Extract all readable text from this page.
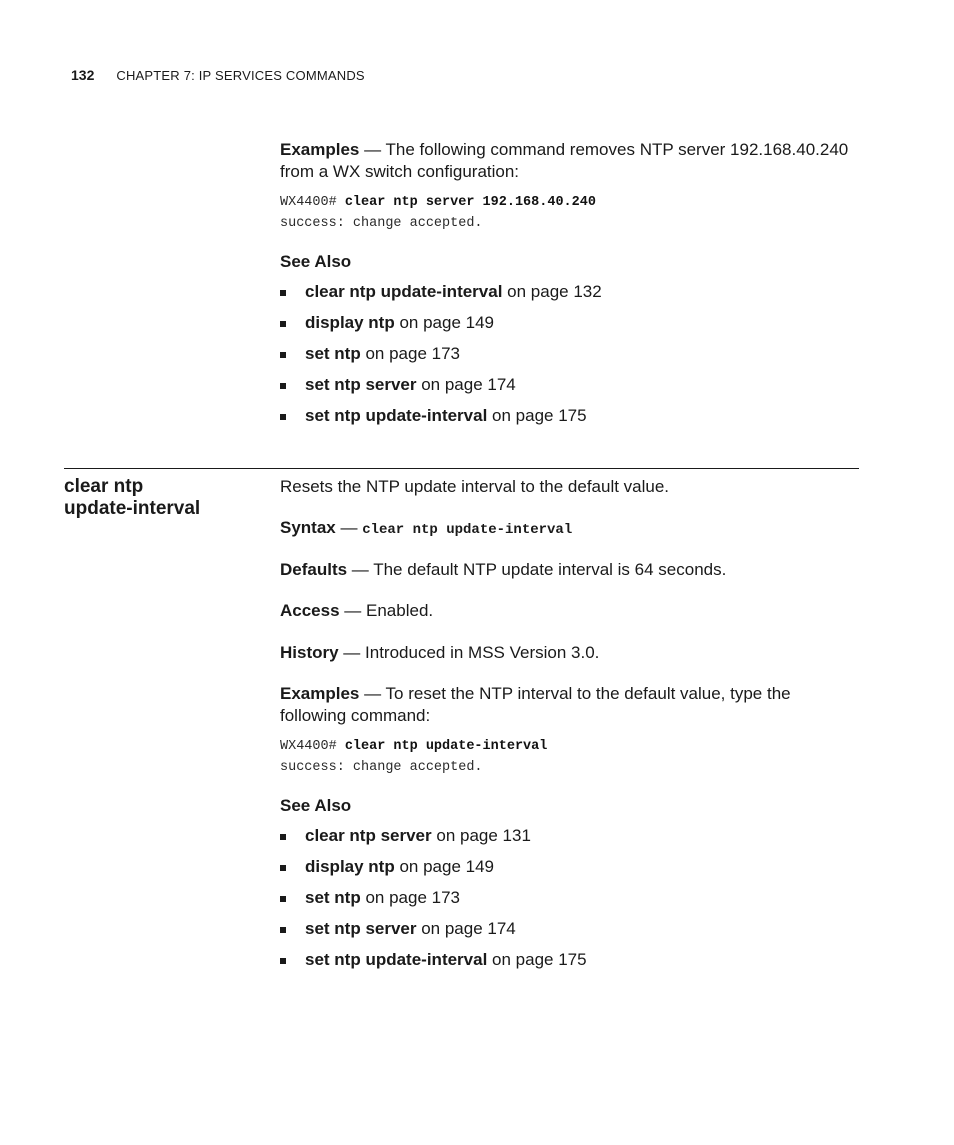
132 CHAPTER 7: IP SERVICES COMMANDS

Examples — The following command removes NTP server 192.168.40.240 from a WX switch configuration:

WX4400# clear ntp server 192.168.40.240
success: change accepted.

See Also

clear ntp update-interval on page 132
display ntp on page 149
set ntp on page 173
set ntp server on page 174
set ntp update-interval on page 175
clear ntp
update-interval

Resets the NTP update interval to the default value.

Syntax — clear ntp update-interval

Defaults — The default NTP update interval is 64 seconds.

Access — Enabled.

History — Introduced in MSS Version 3.0.

Examples — To reset the NTP interval to the default value, type the following command:

WX4400# clear ntp update-interval
success: change accepted.

See Also

clear ntp server on page 131
display ntp on page 149
set ntp on page 173
set ntp server on page 174
set ntp update-interval on page 175
